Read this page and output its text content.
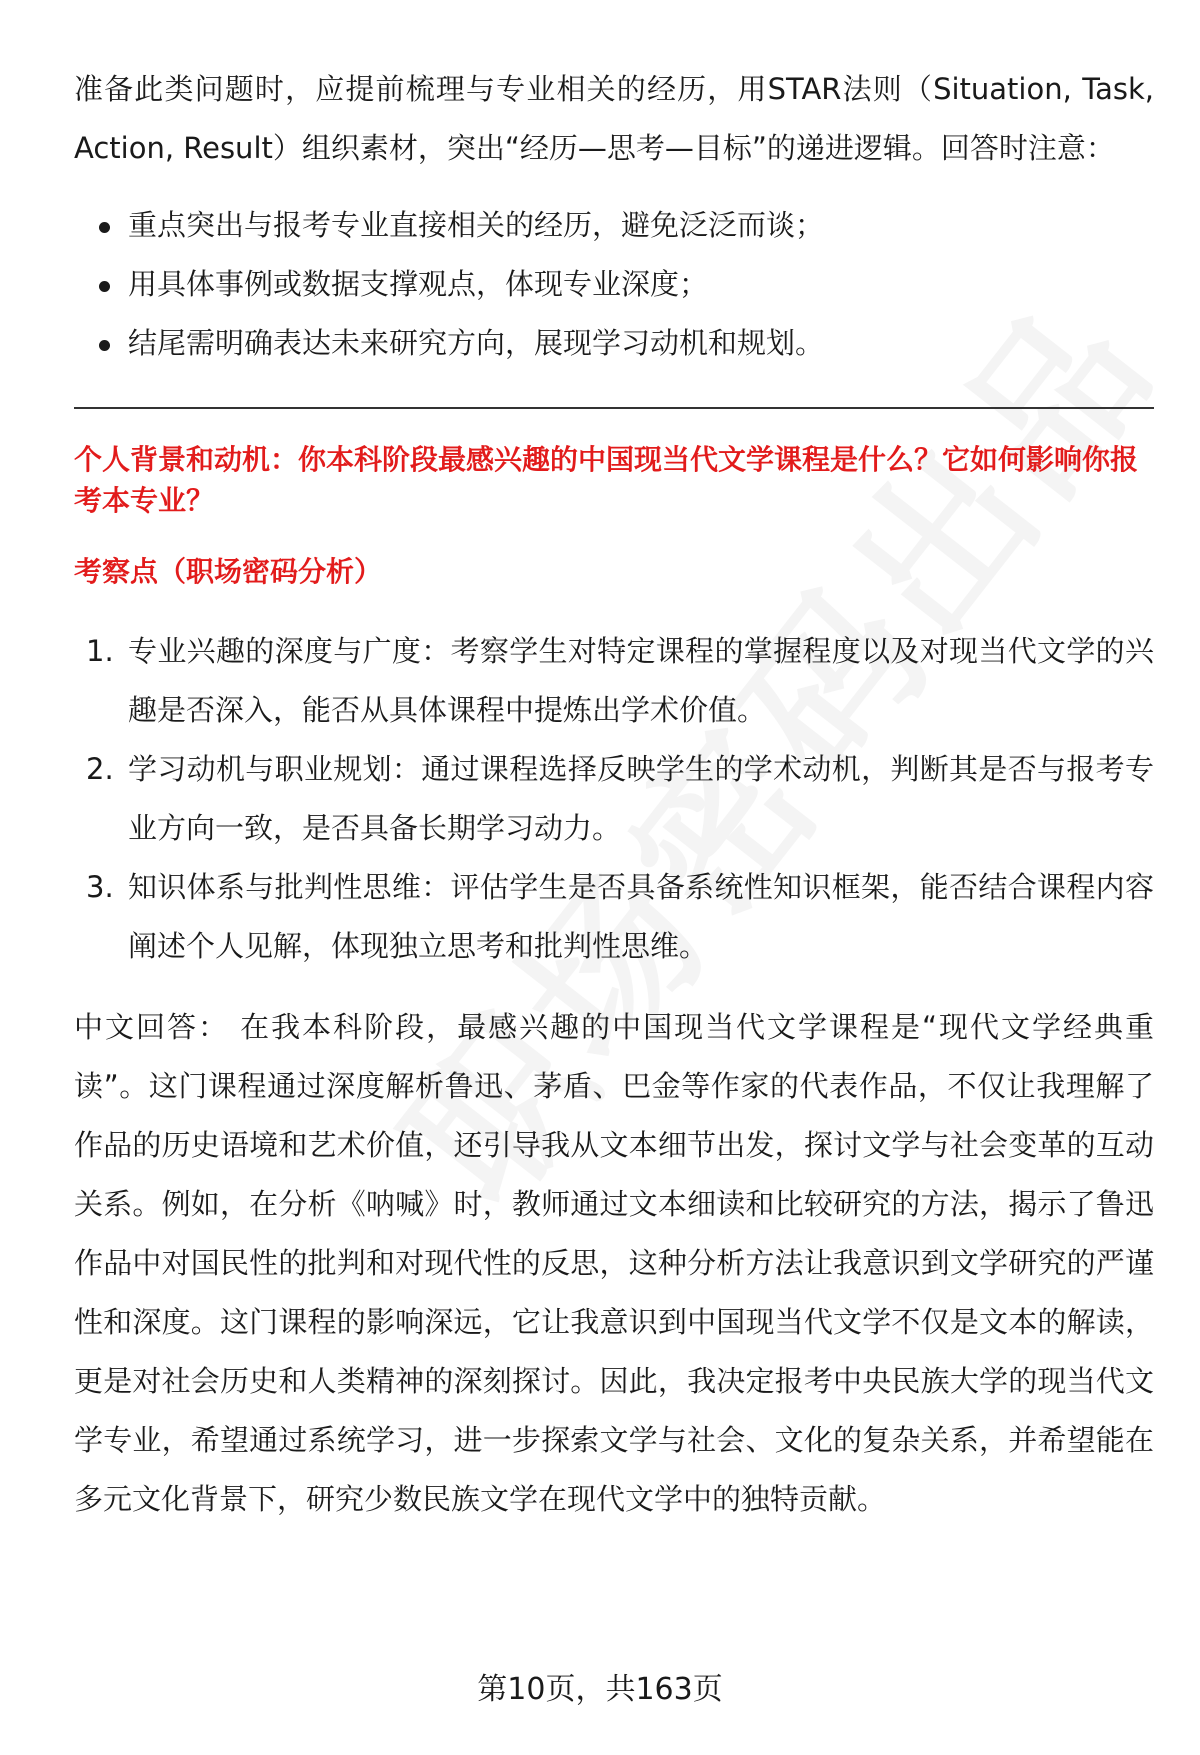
准备此类问题时，应提前梳理与专业相关的经历，用STAR法则（Situation, Task, Action, Result）组织素材，突出“经历—思考—目标”的递进逻辑。回答时注意：

重点突出与报考专业直接相关的经历，避免泛泛而谈；
用具体事例或数据支撑观点，体现专业深度；
结尾需明确表达未来研究方向，展现学习动机和规划。
个人背景和动机：你本科阶段最感兴趣的中国现当代文学课程是什么？它如何影响你报考本专业？
考察点（职场密码分析）
1. 专业兴趣的深度与广度：考察学生对特定课程的掌握程度以及对现当代文学的兴趣是否深入，能否从具体课程中提炼出学术价值。
2. 学习动机与职业规划：通过课程选择反映学生的学术动机，判断其是否与报考专业方向一致，是否具备长期学习动力。
3. 知识体系与批判性思维：评估学生是否具备系统性知识框架，能否结合课程内容阐述个人见解，体现独立思考和批判性思维。

中文回答： 在我本科阶段，最感兴趣的中国现当代文学课程是“现代文学经典重读”。这门课程通过深度解析鲁迅、茅盾、巴金等作家的代表作品，不仅让我理解了作品的历史语境和艺术价值，还引导我从文本细节出发，探讨文学与社会变革的互动关系。例如，在分析《呐喊》时，教师通过文本细读和比较研究的方法，揭示了鲁迅作品中对国民性的批判和对现代性的反思，这种分析方法让我意识到文学研究的严谨性和深度。这门课程的影响深远，它让我意识到中国现当代文学不仅是文本的解读，更是对社会历史和人类精神的深刻探讨。因此，我决定报考中央民族大学的现当代文学专业，希望通过系统学习，进一步探索文学与社会、文化的复杂关系，并希望能在多元文化背景下，研究少数民族文学在现代文学中的独特贡献。

第10页，共163页
